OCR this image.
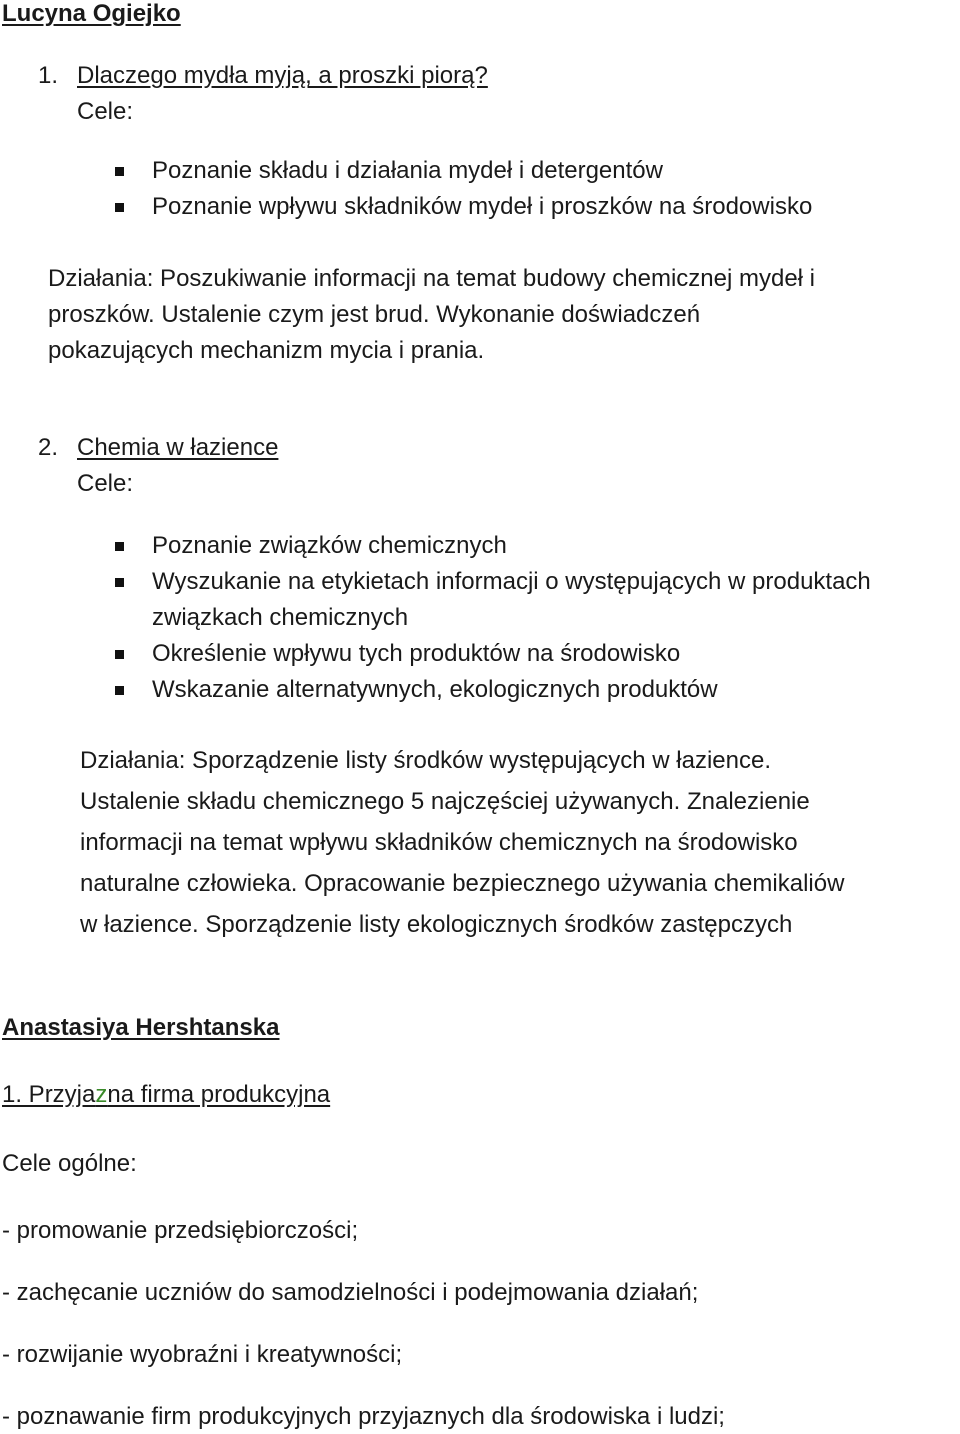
Lucyna Ogiejko
1. Dlaczego mydła myją, a proszki piorą?
Cele:
Poznanie składu i działania mydeł i detergentów
Poznanie wpływu składników mydeł i proszków na środowisko
Działania: Poszukiwanie informacji na temat budowy chemicznej mydeł i
proszków. Ustalenie czym jest brud. Wykonanie doświadczeń
pokazujących mechanizm mycia i prania.
2. Chemia w łazience
Cele:
Poznanie związków chemicznych
Wyszukanie na etykietach informacji o występujących w produktach
związkach chemicznych
Określenie wpływu tych produktów na środowisko
Wskazanie alternatywnych, ekologicznych produktów
Działania: Sporządzenie listy środków występujących w łazience.
Ustalenie składu chemicznego 5 najczęściej używanych. Znalezienie
informacji na temat wpływu składników chemicznych na środowisko
naturalne człowieka. Opracowanie bezpiecznego używania chemikaliów
w łazience. Sporządzenie listy ekologicznych środków zastępczych
Anastasiya Hershtanska
1. Przyjazna firma produkcyjna
Cele ogólne:
- promowanie przedsiębiorczości;
- zachęcanie uczniów do samodzielności i podejmowania działań;
- rozwijanie wyobraźni i kreatywności;
- poznawanie firm produkcyjnych przyjaznych dla środowiska i ludzi;
